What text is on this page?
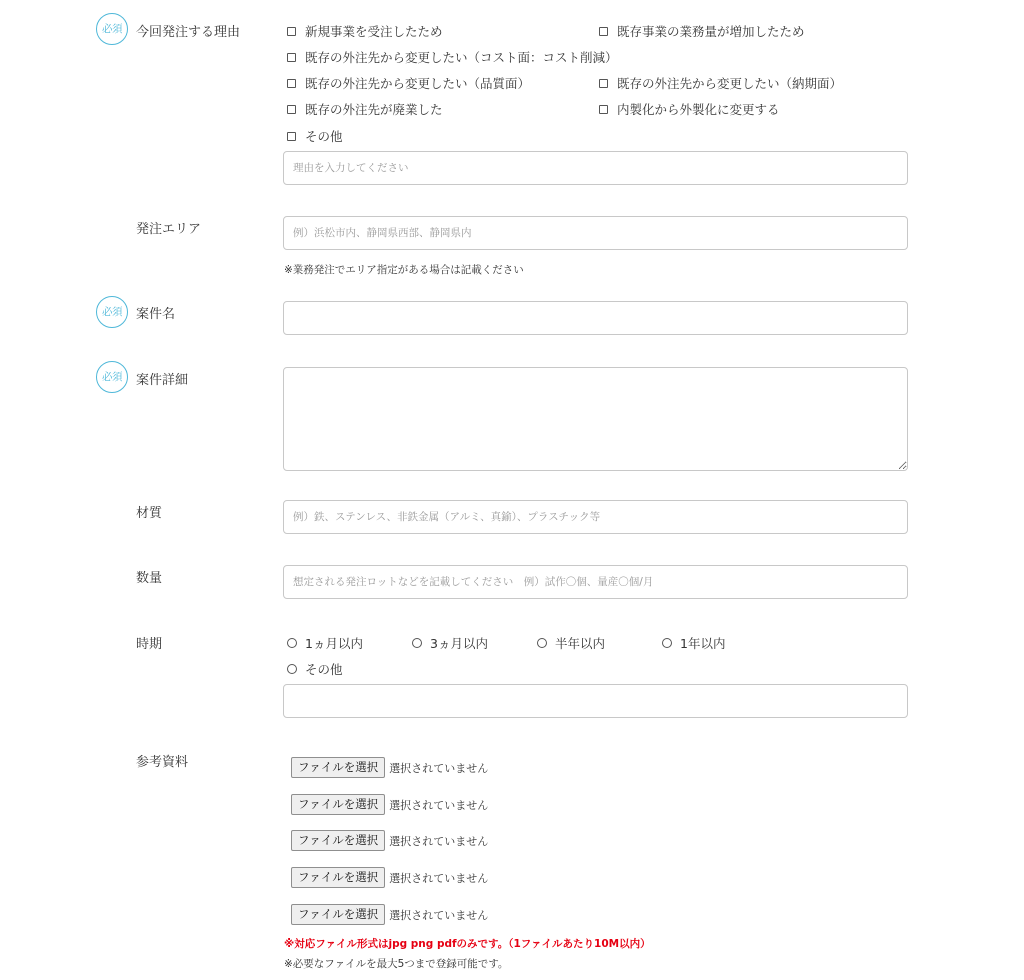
必須	今回発注する理由	新規事業を受注したため	既存事業の業務量が増加したため
既存の外注先から変更したい（コスト面：コスト削減）
既存の外注先から変更したい（品質面）	既存の外注先から変更したい（納期面）
既存の外注先が廃業した	内製化から外製化に変更する
その他
理由を入力してください
発注エリア
例）浜松市内、静岡県西部、静岡県内
※業務発注でエリア指定がある場合は記載ください
必須	案件名
必須	案件詳細
材質
例）鉄、ステンレス、非鉄金属（アルミ、真鍮）、プラスチック等
数量
想定される発注ロットなどを記載してください　例）試作〇個、量産〇個/月
時期	1ヵ月以内	3ヵ月以内	半年以内	1年以内
その他
参考資料	ファイルを選択	選択されていません
ファイルを選択	選択されていません
ファイルを選択	選択されていません
ファイルを選択	選択されていません
ファイルを選択	選択されていません
※対応ファイル形式はjpg png pdfのみです。（1ファイルあたり10M以内）
※必要なファイルを最大5つまで登録可能です。
